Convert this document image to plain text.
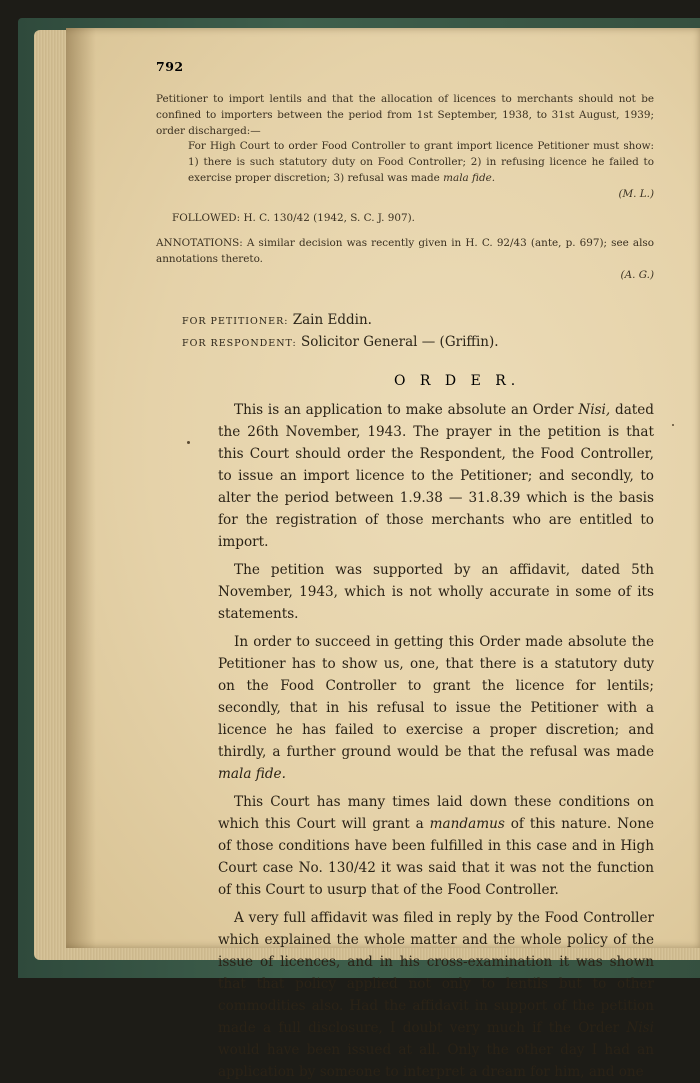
792

Petitioner to import lentils and that the allocation of licences to merchants should not be confined to importers between the period from 1st September, 1938, to 31st August, 1939; order discharged:—

For High Court to order Food Controller to grant import licence Petitioner must show: 1) there is such statutory duty on Food Controller; 2) in refusing licence he failed to exercise proper discretion; 3) refusal was made mala fide.

(M. L.)

FOLLOWED: H. C. 130/42 (1942, S. C. J. 907).

ANNOTATIONS: A similar decision was recently given in H. C. 92/43 (ante, p. 697); see also annotations thereto.

(A. G.)

FOR PETITIONER: Zain Eddin.
FOR RESPONDENT: Solicitor General — (Griffin).
O R D E R.

This is an application to make absolute an Order Nisi, dated the 26th November, 1943. The prayer in the petition is that this Court should order the Respondent, the Food Controller, to issue an import licence to the Petitioner; and secondly, to alter the period between 1.9.38 — 31.8.39 which is the basis for the registration of those merchants who are entitled to import.

The petition was supported by an affidavit, dated 5th November, 1943, which is not wholly accurate in some of its statements.

In order to succeed in getting this Order made absolute the Petitioner has to show us, one, that there is a statutory duty on the Food Controller to grant the licence for lentils; secondly, that in his refusal to issue the Petitioner with a licence he has failed to exercise a proper discretion; and thirdly, a further ground would be that the refusal was made mala fide.

This Court has many times laid down these conditions on which this Court will grant a mandamus of this nature. None of those conditions have been fulfilled in this case and in High Court case No. 130/42 it was said that it was not the function of this Court to usurp that of the Food Controller.

A very full affidavit was filed in reply by the Food Controller which explained the whole matter and the whole policy of the issue of licences, and in his cross-examination it was shown that that policy applied not only to lentils but to other commodities also. Had the affidavit in support of the petition made a full disclosure, I doubt very much if the Order Nisi would have been issued at all. Only the other day I had an application by someone to interpret a dream for him, and one
